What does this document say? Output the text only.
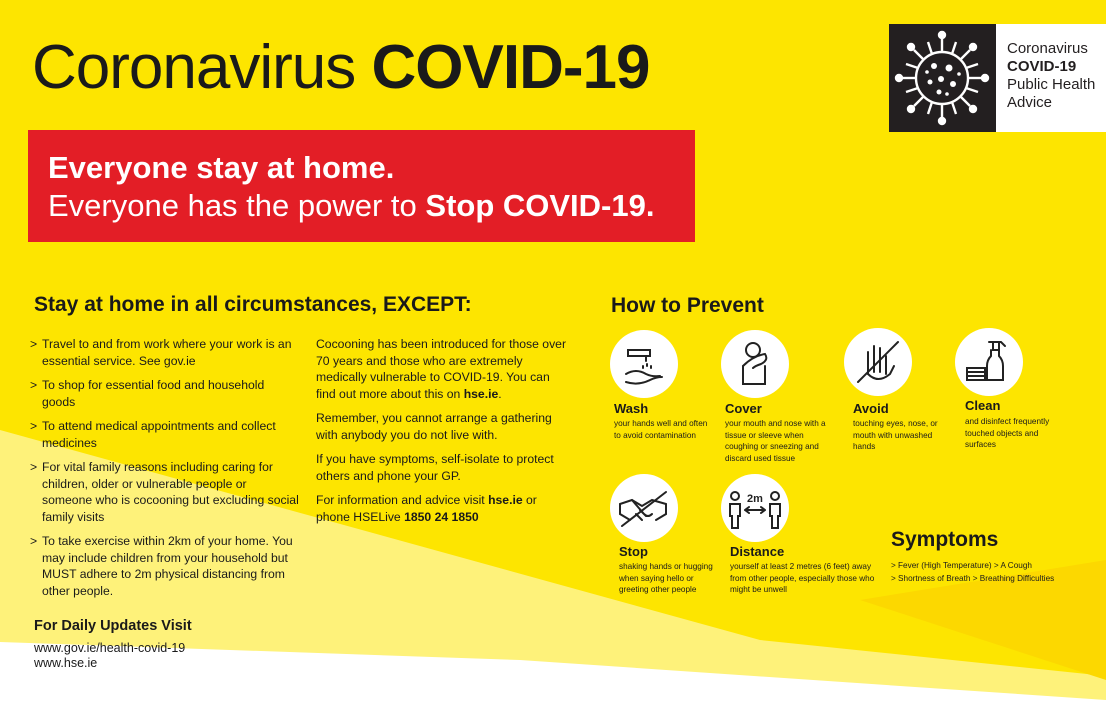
Coronavirus COVID-19	Coronavirus
COVID-19
Public Health
Advice
Everyone stay at home.
Everyone has the power to Stop COVID-19.
Stay at home in all circumstances, EXCEPT:
> Travel to and from work where your work is an essential service. See gov.ie
> To shop for essential food and household goods
> To attend medical appointments and collect medicines
> For vital family reasons including caring for children, older or vulnerable people or someone who is cocooning but excluding social family visits
> To take exercise within 2km of your home. You may include children from your household but MUST adhere to 2m physical distancing from other people.

Cocooning has been introduced for those over 70 years and those who are extremely medically vulnerable to COVID-19. You can find out more about this on hse.ie.

Remember, you cannot arrange a gathering with anybody you do not live with.

If you have symptoms, self-isolate to protect others and phone your GP.

For information and advice visit hse.ie or phone HSELive 1850 24 1850

For Daily Updates Visit
www.gov.ie/health-covid-19
www.hse.ie
How to Prevent
Wash
your hands well and often to avoid contamination
Cover
your mouth and nose with a tissue or sleeve when coughing or sneezing and discard used tissue
Avoid
touching eyes, nose, or mouth with unwashed hands
Clean
and disinfect frequently touched objects and surfaces
Stop
shaking hands or hugging when saying hello or greeting other people
2m
Distance
yourself at least 2 metres (6 feet) away from other people, especially those who might be unwell
Symptoms
> Fever (High Temperature) > A Cough
> Shortness of Breath > Breathing Difficulties
